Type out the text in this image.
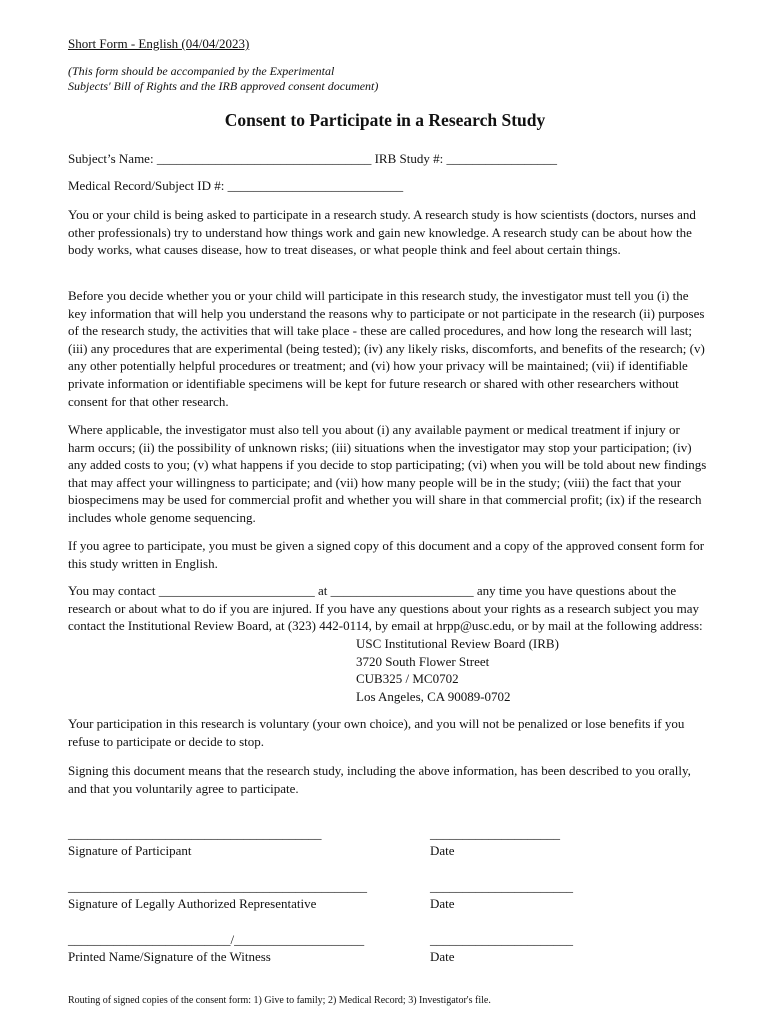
Short Form - English (04/04/2023)
(This form should be accompanied by the Experimental
Subjects' Bill of Rights and the IRB approved consent document)
Consent to Participate in a Research Study
Subject’s Name: _________________________________ IRB Study #: _________________
Medical Record/Subject ID #: ___________________________
You or your child is being asked to participate in a research study. A research study is how scientists (doctors, nurses and other professionals) try to understand how things work and gain new knowledge. A research study can be about how the body works, what causes disease, how to treat diseases, or what people think and feel about certain things.
Before you decide whether you or your child will participate in this research study, the investigator must tell you (i) the key information that will help you understand the reasons why to participate or not participate in the research (ii) purposes of the research study, the activities that will take place - these are called procedures, and how long the research will last; (iii) any procedures that are experimental (being tested); (iv) any likely risks, discomforts, and benefits of the research; (v) any other potentially helpful procedures or treatment; and (vi) how your privacy will be maintained; (vii) if identifiable private information or identifiable specimens will be kept for future research or shared with other researchers without consent for that other research.
Where applicable, the investigator must also tell you about (i) any available payment or medical treatment if injury or harm occurs; (ii) the possibility of unknown risks; (iii) situations when the investigator may stop your participation; (iv) any added costs to you; (v) what happens if you decide to stop participating; (vi) when you will be told about new findings that may affect your willingness to participate; and (vii) how many people will be in the study; (viii) the fact that your biospecimens may be used for commercial profit and whether you will share in that commercial profit; (ix) if the research includes whole genome sequencing.
If you agree to participate, you must be given a signed copy of this document and a copy of the approved consent form for this study written in English.
You may contact ________________________ at ______________________ any time you have questions about the research or about what to do if you are injured. If you have any questions about your rights as a research subject you may contact the Institutional Review Board, at (323) 442-0114, by email at hrpp@usc.edu, or by mail at the following address:
USC Institutional Review Board (IRB)
3720 South Flower Street
CUB325 / MC0702
Los Angeles, CA 90089-0702
Your participation in this research is voluntary (your own choice), and you will not be penalized or lose benefits if you refuse to participate or decide to stop.
Signing this document means that the research study, including the above information, has been described to you orally, and that you voluntarily agree to participate.
_______________________________________
Signature of Participant
____________________
Date
______________________________________________
Signature of Legally Authorized Representative
______________________
Date
_________________________/____________________
Printed Name/Signature of the Witness
______________________
Date
Routing of signed copies of the consent form: 1) Give to family; 2) Medical Record; 3) Investigator's file.
